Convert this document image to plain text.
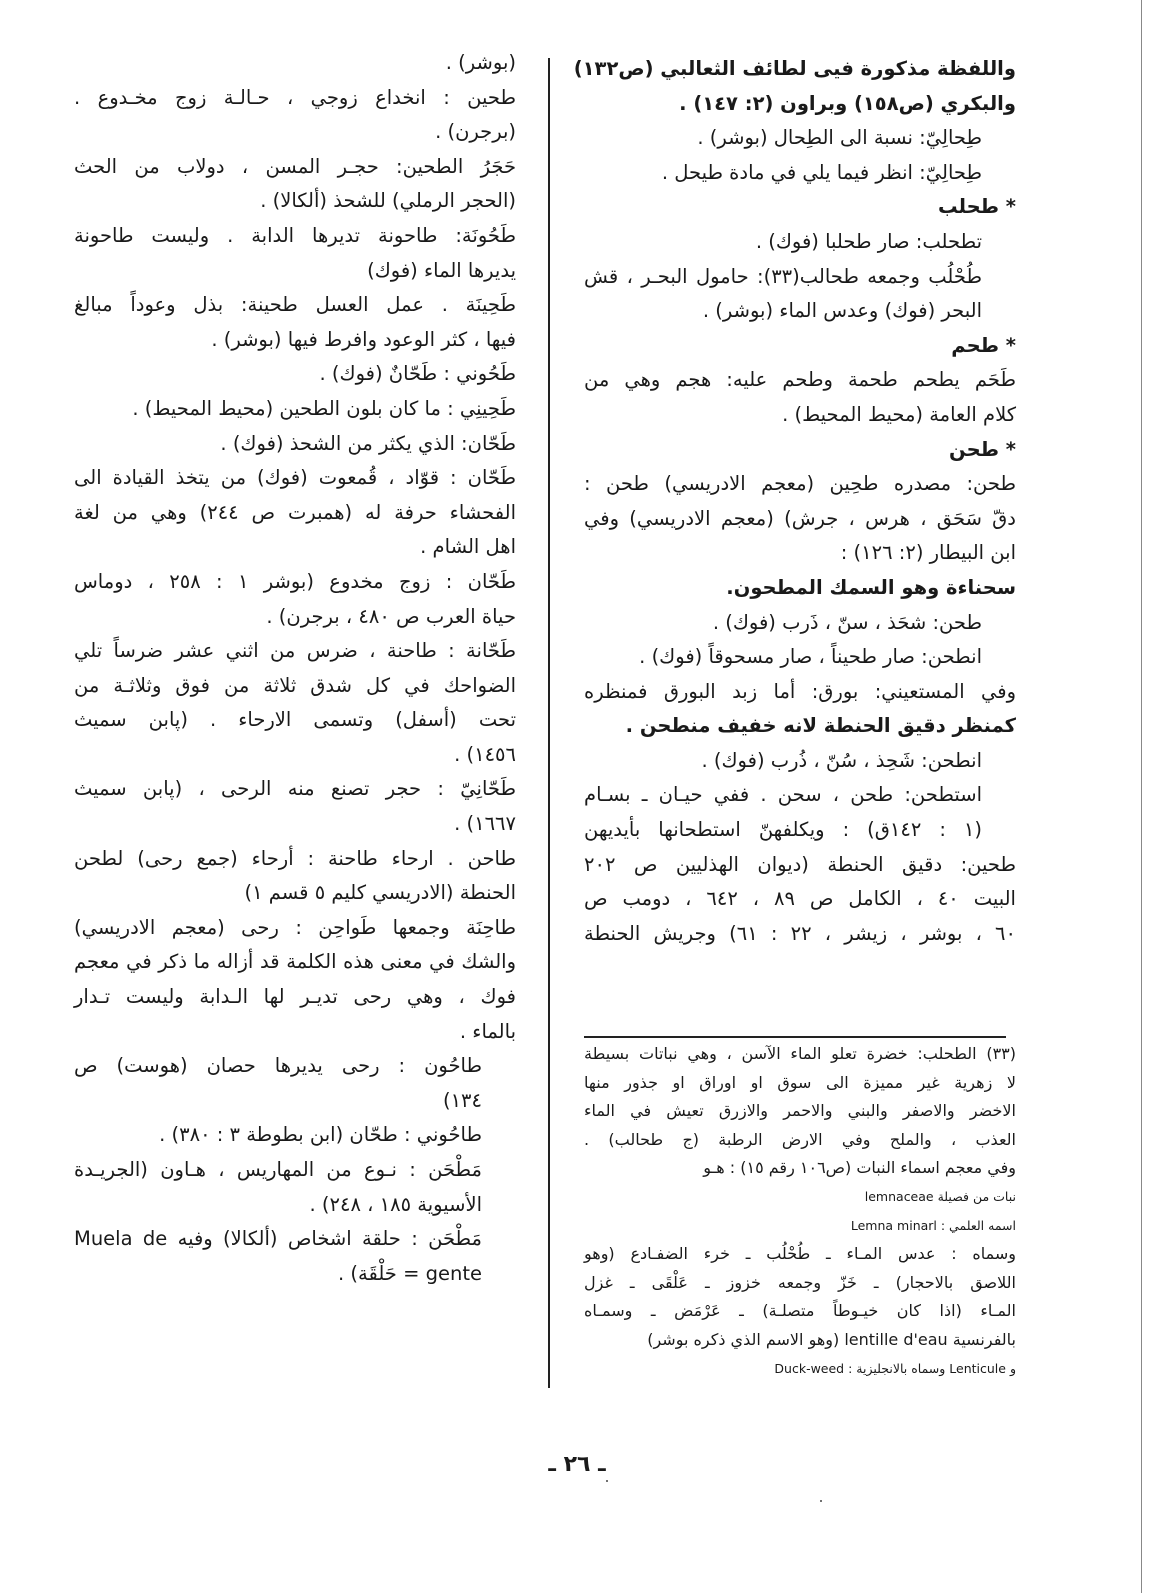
واللفظة مذكورة فيى لطائف الثعالبي (ص١٣٢)
والبكري (ص١٥٨) وبراون (٢: ١٤٧) .
طِحالِيّ: نسبة الى الطِحال (بوشر) .
طِحالِيّ: انظر فيما يلي في مادة طيحل .
* طحلب
تطحلب: صار طحلبا (فوك) .
طُحْلُب وجمعه طحالب(٣٣): حامول البحـر ، قش
البحر (فوك) وعدس الماء (بوشر) .
* طحم
طَحَم يطحم طحمة وطحم عليه: هجم وهي من
كلام العامة (محيط المحيط) .
* طحن
طحن: مصدره طحِين (معجم الادريسي) طحن :
دقّ سَحَق ، هرس ، جرش) (معجم الادريسي) وفي
ابن البيطار (٢: ١٢٦) :
سحناءة وهو السمك المطحون.
طحن: شحَذ ، سنّ ، ذَرب (فوك) .
انطحن: صار طحيناً ، صار مسحوقاً (فوك) .
وفي المستعيني: بورق: أما زبد البورق فمنظره
كمنظر دقيق الحنطة لانه خفيف منطحن .
انطحن: شَحِذ ، سُنّ ، ذُرب (فوك) .
استطحن: طحن ، سحن . ففي حيـان ـ بسـام
(١ : ١٤٢ق) : ويكلفهنّ استطحانها بأيديهن
طحين: دقيق الحنطة (ديوان الهذليين ص ٢٠٢
البيت ٤٠ ، الكامل ص ٨٩ ، ٦٤٢ ، دومب ص
٦٠ ، بوشر ، زيشر ، ٢٢ : ٦١) وجريش الحنطة
(٣٣) الطحلب: خضرة تعلو الماء الآسن ، وهي نباتات بسيطة
لا زهرية غير مميزة الى سوق او اوراق او جذور منها
الاخضر والاصفر والبني والاحمر والازرق تعيش في الماء
العذب ، والملح وفي الارض الرطبة (ج طحالب) .
وفي معجم اسماء النبات (ص١٠٦ رقم ١٥) : هـو
نبات من فصيلة lemnaceae
اسمه العلمي : Lemna minarl
وسماه : عدس المـاء ـ طُحْلُب ـ خرء الضفـادع (وهو
اللاصق بالاحجار) ـ خَزّ وجمعه خزوز ـ عَلْقَى ـ غزل
المـاء (اذا كان خيـوطاً متصلـة) ـ عَرْمَض ـ وسمـاه
بالفرنسية lentille d'eau (وهو الاسم الذي ذكره بوشر)
و Lenticule وسماه بالانجليزية : Duck-weed
(بوشر) .
طحين : انخداع زوجي ، حـالـة زوج مخـدوع .
(برجرن) .
حَجَرُ الطحين: حجـر المسن ، دولاب من الحث
(الحجر الرملي) للشحذ (ألكالا) .
طَحُونَة: طاحونة تديرها الدابة . وليست طاحونة
يديرها الماء (فوك)
طَحِينَة . عمل العسل طحينة: بذل وعوداً مبالغ
فيها ، كثر الوعود وافرط فيها (بوشر) .
طَحُوني : طَحّانٌ (فوك) .
طَحِينِي : ما كان بلون الطحين (محيط المحيط) .
طَحّان: الذي يكثر من الشحذ (فوك) .
طَحّان : قوّاد ، قُمعوت (فوك) من يتخذ القيادة الى
الفحشاء حرفة له (همبرت ص ٢٤٤) وهي من لغة
اهل الشام .
طَحّان : زوج مخدوع (بوشر ١ : ٢٥٨ ، دوماس
حياة العرب ص ٤٨٠ ، برجرن) .
طَحّانة : طاحنة ، ضرس من اثني عشر ضرساً تلي
الضواحك في كل شدق ثلاثة من فوق وثلاثـة من
تحت (أسفل) وتسمى الارحاء . (پابن سميث
١٤٥٦) .
طَحّانِيّ : حجر تصنع منه الرحى ، (پابن سميث
١٦٦٧) .
طاحن . ارحاء طاحنة : أرحاء (جمع رحى) لطحن
الحنطة (الادريسي كليم ٥ قسم ١)
طاحِنَة وجمعها طَواحِن : رحى (معجم الادريسي)
والشك في معنى هذه الكلمة قد أزاله ما ذكر في معجم
فوك ، وهي رحى تديـر لها الـدابة وليست تـدار
بالماء .
طاحُون : رحى يديرها حصان (هوست) ص
١٣٤)
طاحُوني : طحّان (ابن بطوطة ٣ : ٣٨٠) .
مَطْحَن : نـوع من المهاريس ، هـاون (الجريـدة
الأسيوية ١٨٥ ، ٢٤٨) .
مَطْحَن : حلقة اشخاص (ألكالا) وفيه Muela de
gente = حَلْقَة) .
ـ ٢٦ ـ
